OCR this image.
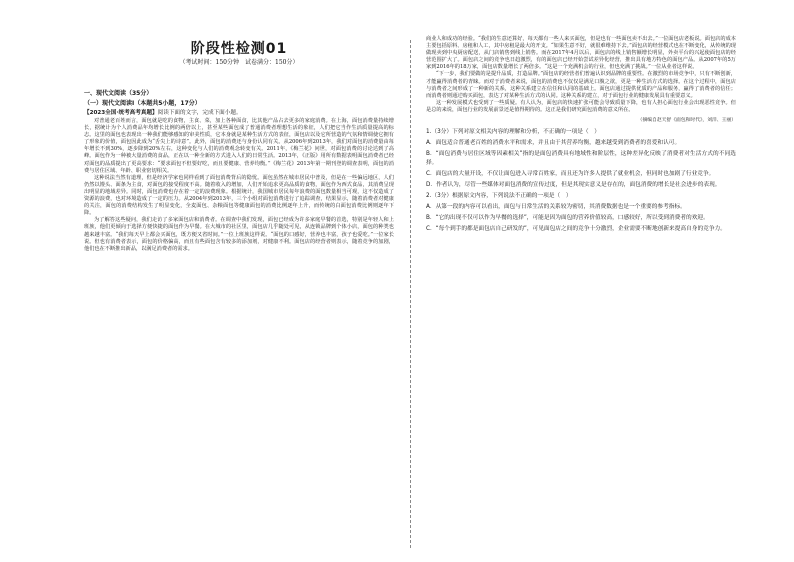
阶段性检测01
（考试时间：150分钟　试卷满分：150分）
一、现代文阅读（35分）
（一）现代文阅读Ⅰ（本题共5小题，17分）
【2023全国·统考高考真题】阅读下面的文字，完成下面小题。

对普通老百姓而言，面包就是吃的食物，主食、菜，加上各种面食，比其他产品占去更多的家庭消费。在上海，面包消费量持续增长，据统计为个人消费品年均增长比例的两倍以上，甚至某些面包成了普通消费者理想生活的象征，人们把它当作生活质量提高的标志。这里的面包也表现出一种我们能够感知的审美性质，它本身就是某种生活方式的表征，面包店以及它所营造的气氛和情调使它拥有了形象的价值，面包因此成为“舌尖上的诗意”。此外，面包的消费还与身份认同有关。从2006年到2013年，我们对面包的消费量由每年增长不到30%，逐步降到20%左右，这种变化与人们的消费观念转变有关。2011年，《梅兰花》问世，对面包消费的讨论达到了高峰。面包作为一种被大量消费的食品，正在以一种全新的方式进入人们的日常生活。2013年，《正版》用所有数据表明面包消费者已经对面包的品质提出了更高要求：“要求面包不但要好吃，而且要健康、营养均衡。”《梅兰花》2013年第一期刊登的调查表明，面包的消费与居住区域、年龄、职业密切相关。

这种说法当然有道理，但是经济学家也同样看到了面包消费背后的隐忧。面包虽然在城市居民中普及，但是在一些偏远地区，人们仍然以馒头、面条为主食，对面包的接受程度不高。随着收入的增加，人们开始追求更高品质的食物，面包作为西式食品，其消费呈现出明显的地域差异。同时，面包消费也存在着一定的浪费现象。根据统计，我国城市居民每年浪费的面包数量相当可观，这不仅造成了资源的浪费，也对环境造成了一定的压力。从2004年到2013年，三个小组对面包消费进行了追踪调查，结果显示，随着消费者对健康的关注，面包的消费结构发生了明显变化，全麦面包、杂粮面包等健康面包的消费比例逐年上升，而传统的白面包消费比例则逐年下降。

为了解答这些疑问，我们走访了多家面包店和消费者。在调查中我们发现，面包已经成为许多家庭早餐的首选，特别是年轻人和上班族，他们更倾向于选择方便快捷的面包作为早餐。在大城市的社区里，面包店几乎随处可见，从连锁品牌到个体小店，面包的种类也越来越丰富。“我们每天早上都会买面包，既方便又省时间。”一位上班族这样说。“面包的口感好，营养也丰富，孩子也爱吃。”一位家长说。但也有消费者表示，面包的价格偏高，而且有些面包含有较多的添加剂，对健康不利。面包店的经营者则表示，随着竞争的加剧，他们也在不断推出新品，以满足消费者的需求。

商业人和成功的经验。“我们的生意还算好，每天都有一些人来买面包，但是也有一些面包卖不出去。”一位面包店老板说。面包店的成本主要包括原料、房租和人工，其中房租是最大的开支。“如果生意不好，就很难维持下去。”面包店的经营模式也在不断变化，从传统的现做现卖到中央厨房配送，从门店销售到线上销售。而在2017年4月以后，面包店的线上销售额增长明显，外卖平台的兴起使面包店的经营范围扩大了。面包店之间的竞争也日趋激烈，有的面包店已经开始尝试差异化经营，推出具有地方特色的面包产品。从2007年的5万家到2016年的18万家，面包店数量增长了两倍多。“这是一个充满机会的行业，但也充满了挑战。”一位从业者这样说。

“下一步，我们要做的是提升品质，打造品牌。”面包店的经营者们普遍认识到品牌的重要性。在激烈的市场竞争中，只有不断创新，才能赢得消费者的青睐。而对于消费者来说，面包的消费也不仅仅是满足口腹之欲，更是一种生活方式的选择。在这个过程中，面包店与消费者之间形成了一种新的关系，这种关系建立在信任和认同的基础上。面包店通过提供优质的产品和服务，赢得了消费者的信任；而消费者则通过购买面包，表达了对某种生活方式的认同。这种关系的建立，对于面包行业的健康发展具有重要意义。

这一种发展模式也受到了一些质疑。有人认为，面包店的快速扩张可能会导致质量下降，也有人担心面包行业会出现恶性竞争。但是总的来说，面包行业的发展前景还是值得期待的。这正是我们研究面包消费的意义所在。

（摘编自赵天舒《面包和时代》，刘洋、王丽）

1.（3分）下列对原文相关内容的理解和分析，不正确的一项是（　）

A．面包适合普通老百姓的消费水平和需求，并且由于其营养均衡，越来越受到消费者的喜爱和认可。

B．“面包消费与居住区域等因素相关”指的是面包消费具有地域性和阶层性，这种差异化反映了消费者对生活方式的不同选择。

C．面包店的大量开设，不仅让面包进入寻常百姓家，而且还为许多人提供了就业机会，但同时也加剧了行业竞争。

D．作者认为，尽管一些媒体对面包消费的宣传过度，但是其现实意义是存在的，面包消费的增长是社会进步的表现。

2.（3分）根据原文内容，下列说法不正确的一项是（　）

A．从第一段的内容可以看出，面包与日常生活的关系较为密切，其消费数据也是一个重要的参考指标。

B．“它的出现不仅可以作为早餐的选择”，可能是因为面包的营养价值较高，口感较好，所以受到消费者的欢迎。

C．“每个到手的都是面包店自己研发的”，可见面包店之间的竞争十分激烈，企业需要不断地创新来提高自身的竞争力。
